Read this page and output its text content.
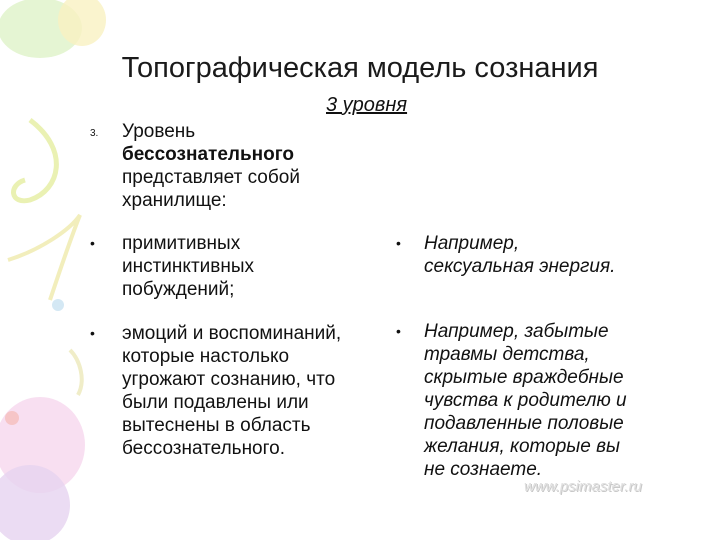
Топографическая модель сознания
3 уровня
3. Уровень
бессознательного
представляет собой
хранилище:
• примитивных
инстинктивных
побуждений;
• эмоций и воспоминаний,
которые настолько
угрожают сознанию, что
были подавлены или
вытеснены в область
бессознательного.
• Например,
сексуальная энергия.
• Например, забытые
травмы детства,
скрытые враждебные
чувства к родителю и
подавленные половые
желания, которые вы
не сознаете.
www.psimaster.ru
